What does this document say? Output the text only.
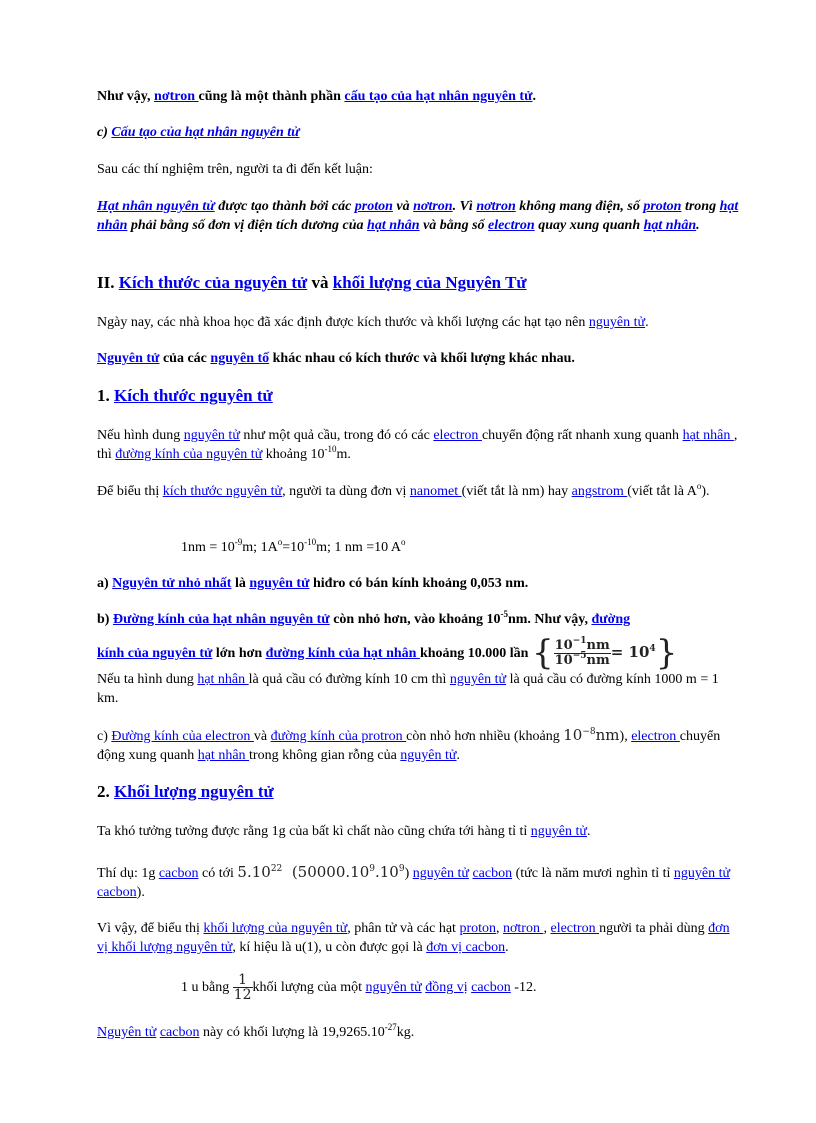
Như vậy, nơtron cũng là một thành phần cấu tạo của hạt nhân nguyên tử.
c) Cấu tạo của hạt nhân nguyên tử
Sau các thí nghiệm trên, người ta đi đến kết luận:
Hạt nhân nguyên tử được tạo thành bởi các proton và nơtron. Vì nơtron không mang điện, số proton trong hạt nhân phải bằng số đơn vị điện tích dương của hạt nhân và bằng số electron quay xung quanh hạt nhân.
II. Kích thước của nguyên tử và khối lượng của Nguyên Tử
Ngày nay, các nhà khoa học đã xác định được kích thước và khối lượng các hạt tạo nên nguyên tử.
Nguyên tử của các nguyên tố khác nhau có kích thước và khối lượng khác nhau.
1. Kích thước nguyên tử
Nếu hình dung nguyên tử như một quả cầu, trong đó có các electron chuyển động rất nhanh xung quanh hạt nhân , thì đường kính của nguyên tử khoảng $10^{-10}m$.
Để biểu thị kích thước nguyên tử, người ta dùng đơn vị nanomet (viết tắt là nm) hay angstrom (viết tắt là $A^o$).
$1nm = 10^{-9}m$; $1A^o=10^{-10}m$; 1 nm =10 $A^o$
a) Nguyên tử nhỏ nhất là nguyên tử hiđro có bán kính khoảng 0,053 nm.
b) Đường kính của hạt nhân nguyên tử còn nhỏ hơn, vào khoảng $10^{-5}nm$. Như vậy, đường
kính của nguyên tử lớn hơn đường kính của hạt nhân khoảng 10.000 lần { $\frac{10^{-1}nm}{10^{-5}nm} = 10^4$}
Nếu ta hình dung hạt nhân là quả cầu có đường kính 10 cm thì nguyên tử là quả cầu có đường kính 1000 m = 1 km.
c) Đường kính của electron và đường kính của protron còn nhỏ hơn nhiều (khoảng $10^{-8}nm$), electron chuyển động xung quanh hạt nhân trong không gian rỗng của nguyên tử.
2. Khối lượng nguyên tử
Ta khó tưởng tưởng được rằng 1g của bất kì chất nào cũng chứa tới hàng tỉ tỉ nguyên tử.
Thí dụ: 1g cacbon có tới 5.10$^{22}$ $(50000.10^9.10^9)$ nguyên tử cacbon (tức là năm mươi nghìn tỉ tỉ nguyên tử cacbon).
Vì vậy, để biểu thị khối lượng của nguyên tử, phân tử và các hạt proton, nơtron , electron người ta phải dùng đơn vị khối lượng nguyên tử, kí hiệu là u(1), u còn được gọi là đơn vị cacbon.
1 u bằng $\frac{1}{12}$ khối lượng của một nguyên tử đồng vị cacbon -12.
Nguyên tử cacbon này có khối lượng là $19,9265.10^{-27}kg$.
